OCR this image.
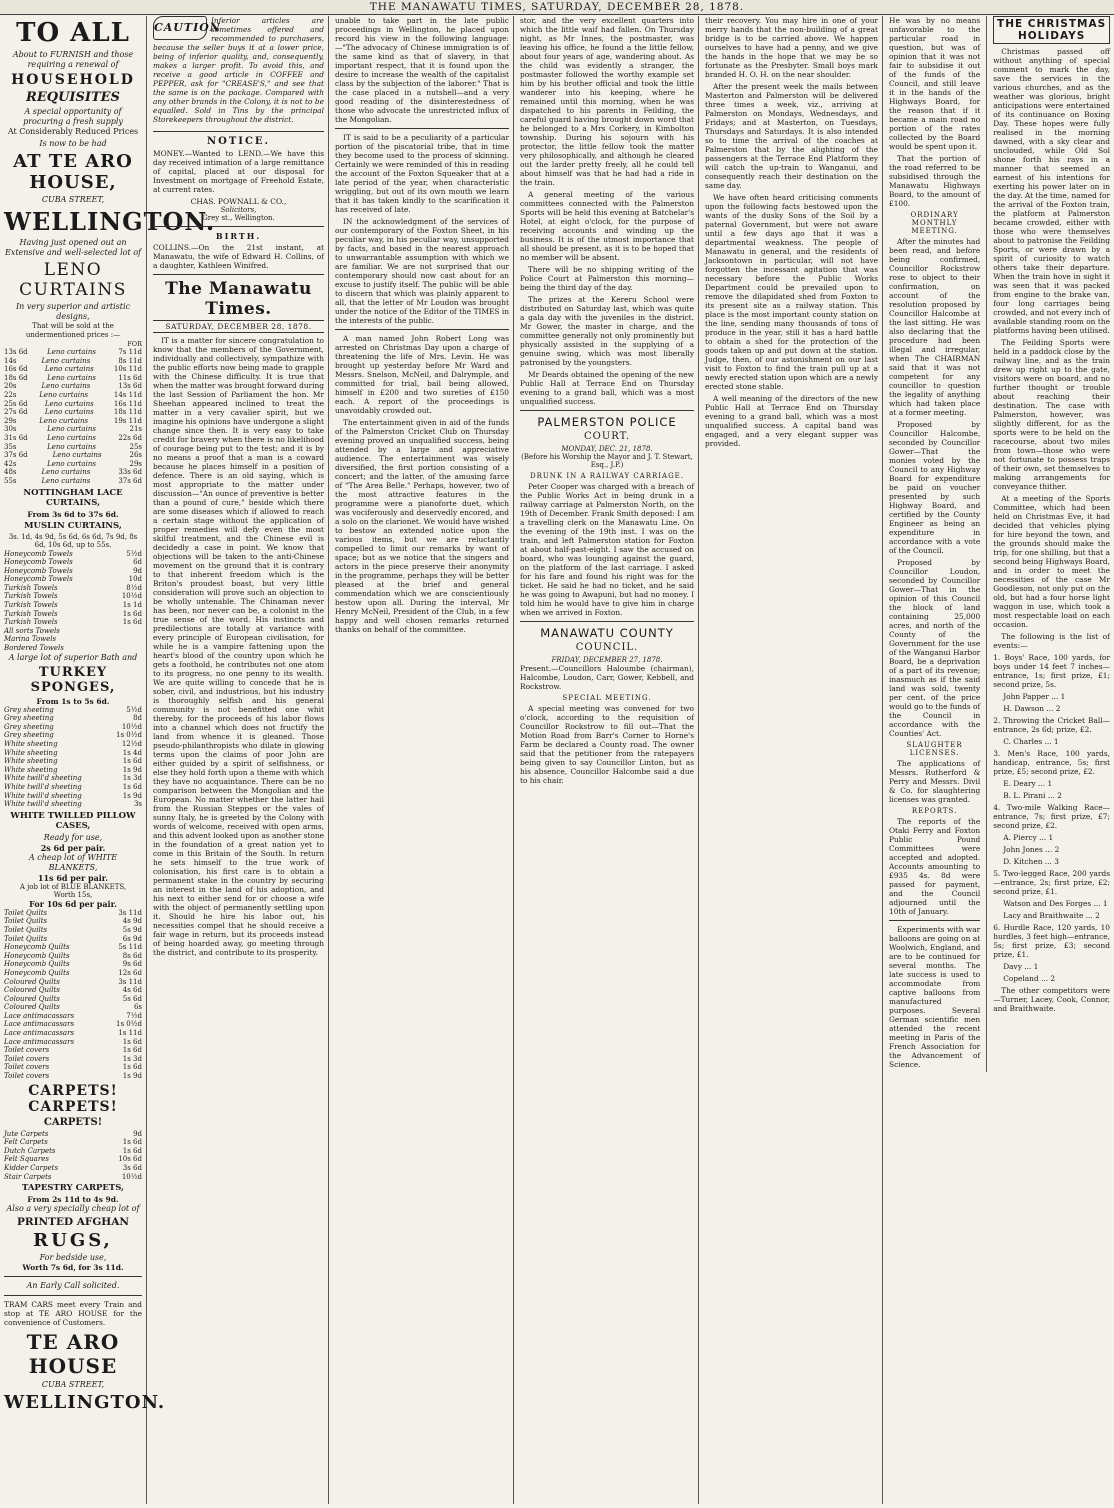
THE MANAWATU TIMES, SATURDAY, DECEMBER 28, 1878.
TO ALL
About to FURNISH and those requiring a renewal of
HOUSEHOLD
REQUISITES
A special opportunity of procuring a fresh supply
At Considerably Reduced Prices
Is now to be had
AT TE ARO HOUSE,
CUBA STREET,
WELLINGTON.
Having just opened out an Extensive and well-selected lot of
LENO CURTAINS
In very superior and artistic designs,
That will be sold at the undermentioned prices :—
FOR
13s 6d	Leno curtains	7s 11d
14s	Leno curtains	8s 11d
16s 6d Leno curtains	10s 11d
18s 6d	Leno curtains	11s 6d
20s	Leno curtains	13s 6d
22s	Leno curtains	14s 11d
25s 6d Leno curtains	16s 11d
27s 6d Leno curtains	18s 11d
29s	Leno curtains	19s 11d
30s	Leno curtains	21s
31s 6d	Leno curtains	22s 6d
35s	Leno curtains	25s
37s 6d	Leno curtains	26s
42s	Leno curtains	29s
48s	Leno curtains	33s 6d
55s	Leno curtains	37s 6d
NOTTINGHAM LACE CURTAINS,
From 3s 6d to 37s 6d.
MUSLIN CURTAINS,
3s. 1d, 4s 9d, 5s 6d, 6s 6d, 7s 9d, 8s 6d, 10s 6d, up to 55s.
Honeycomb Towels	5½d
Honeycomb Towels	6d
Honeycomb Towels	9d
Honeycomb Towels	10d
Turkish Towels	8½d
Turkish Towels	10½d
Turkish Towels	1s 1d
Turkish Towels	1s 6d
Turkish Towels	1s 6d
All sorts Towels
Marina Towels
Bordered Towels
A large lot of superior Bath and
TURKEY SPONGES,
From 1s to 5s 6d.
Grey sheeting	5½d
Grey sheeting	8d
Grey sheeting	10½d
Grey sheeting	1s 0½d
White sheeting	12½d
White sheeting	1s 4d
White sheeting	1s 6d
White sheeting	1s 9d
White twill'd sheeting	1s 3d
White twill'd sheeting	1s 6d
White twill'd sheeting	1s 9d
White twill'd sheeting	3s
WHITE TWILLED PILLOW CASES,
Ready for use,
2s 6d per pair.
A cheap lot of WHITE BLANKETS,
11s 6d per pair.
A job lot of BLUE BLANKETS,
Worth 15s,
For 10s 6d per pair.
Toilet Quilts	3s 11d
Toilet Quilts	4s 9d
Toilet Quilts	5s 9d
Toilet Quilts	6s 9d
Honeycomb Quilts	5s 11d
Honeycomb Quilts	8s 6d
Honeycomb Quilts	9s 6d
Honeycomb Quilts	12s 6d
Coloured Quilts	3s 11d
Coloured Quilts	4s 6d
Coloured Quilts	5s 6d
Coloured Quilts	6s
Lace antimacassars	7½d
Lace antimacassars	1s 0½d
Lace antimacassars	1s 11d
Lace antimacassars	1s 6d
Toilet covers	1s 6d
Toilet covers	1s 3d
Toilet covers	1s 6d
Toilet covers	1s 9d
CARPETS! CARPETS!
CARPETS!
Jute Carpets	9d
Felt Carpets	1s 6d
Dutch Carpets	1s 6d
Felt Squares	10s 6d
Kidder Carpets	3s 6d
Stair Carpets	10½d
TAPESTRY CARPETS,
From 2s 11d to 4s 9d.
Also a very specially cheap lot of
PRINTED AFGHAN
RUGS,
For bedside use,
Worth 7s 6d, for 3s 11d.
An Early Call solicited.
TRAM CARS meet every Train and stop at TE ARO HOUSE for the convenience of Customers.
TE ARO HOUSE
CUBA STREET,
WELLINGTON.
CAUTION
Inferior articles are sometimes offered and recommended to purchasers, because the seller buys it at a lower price, being of inferior quality, and, consequently, makes a larger profit. To avoid this, and receive a good article in COFFEE and PEPPER, ask for "CREASE'S," and see that the same is on the package. Compared with any other brands in the Colony, it is not to be equalled. Sold in Tins by the principal Storekeepers throughout the district.
NOTICE.
MONEY.—Wanted to LEND.—We have this day received intimation of a large remittance of capital, placed at our disposal for Investment on mortgage of Freehold Estate, at current rates.
CHAS. POWNALL & CO.,
Solicitors,
Grey st., Wellington.
BIRTH.
COLLINS.—On the 21st instant, at Manawatu, the wife of Edward H. Collins, of a daughter, Kathleen Winifred.
The Manawatu Times.
SATURDAY, DECEMBER 28, 1878.
IT is a matter for sincere congratulation to know that the members of the Government, individually and collectively, sympathize with the public efforts now being made to grapple with the Chinese difficulty. It is true that when the matter was brought forward during the last Session of Parliament the hon. Mr Sheehan appeared inclined to treat the matter in a very cavalier spirit, but we imagine his opinions have undergone a slight change since then. It is very easy to take credit for bravery when there is no likelihood of courage being put to the test; and it is by no means a proof that a man is a coward because he places himself in a position of defence. There is an old saying, which is most appropriate to the matter under discussion—"An ounce of preventive is better than a pound of cure," beside which there are some diseases which if allowed to reach a certain stage without the application of proper remedies will defy even the most skilful treatment, and the Chinese evil is decidedly a case in point. We know that objections will be taken to the anti-Chinese movement on the ground that it is contrary to that inherent freedom which is the Briton's proudest boast, but very little consideration will prove such an objection to be wholly untenable. The Chinaman never has been, nor never can be, a colonist in the true sense of the word. His instincts and predilections are totally at variance with every principle of European civilisation, for while he is a vampire fattening upon the heart's blood of the country upon which he gets a foothold, he contributes not one atom to its progress, no one penny to its wealth. We are quite willing to concede that he is sober, civil, and industrious, but his industry is thoroughly selfish and his general community is not benefitted one whit thereby, for the proceeds of his labor flows into a channel which does not fructify the land from whence it is gleaned. Those pseudo-philanthropists who dilate in glowing terms upon the claims of poor John are either guided by a spirit of selfishness, or else they hold forth upon a theme with which they have no acquaintance. There can be no comparison between the Mongolian and the European. No matter whether the latter hail from the Russian Steppes or the vales of sunny Italy, he is greeted by the Colony with words of welcome, received with open arms, and this advent looked upon as another stone in the foundation of a great nation yet to come in this Britain of the South. In return he sets himself to the true work of colonisation, his first care is to obtain a permanent stake in the country by securing an interest in the land of his adoption, and his next to either send for or choose a wife with the object of permanently settling upon it. Should he hire his labor out, his necessities compel that he should receive a fair wage in return, but its proceeds instead of being hoarded away, go meeting through the district, and contribute to its prosperity.
unable to take part in the late public proceedings in Wellington, he placed upon record his view in the following language:—"The advocacy of Chinese immigration is of the same kind as that of slavery, in that important respect, that it is found upon the desire to increase the wealth of the capitalist class by the subjection of the laborer." That is the case placed in a nutshell—and a very good reading of the disinterestedness of those who advocate the unrestricted influx of the Mongolian.
IT is said to be a peculiarity of a particular portion of the piscatorial tribe, that in time they become used to the process of skinning. Certainly we were reminded of this in reading the account of the Foxton Squeaker that at a late period of the year, when characteristic wriggling, but out of its own mouth we learn that it has taken kindly to the scarification it has received of late.
IN the acknowledgment of the services of our contemporary of the Foxton Sheet, in his peculiar way, in his peculiar way, unsupported by facts, and based in the nearest approach to unwarrantable assumption with which we are familiar. We are not surprised that our contemporary should now cast about for an excuse to justify itself. The public will be able to discern that which was plainly apparent to all, that the letter of Mr Loudon was brought under the notice of the Editor of the TIMES in the interests of the public.
A man named John Robert Long was arrested on Christmas Day upon a charge of threatening the life of Mrs. Levin. He was brought up yesterday before Mr Ward and Messrs. Snelson, McNeil, and Dalrymple, and committed for trial, bail being allowed, himself in £200 and two sureties of £150 each. A report of the proceedings is unavoidably crowded out.
The entertainment given in aid of the funds of the Palmerston Cricket Club on Thursday evening proved an unqualified success, being attended by a large and appreciative audience. The entertainment was wisely diversified, the first portion consisting of a concert; and the latter, of the amusing farce of "The Area Belle." Perhaps, however, two of the most attractive features in the programme were a pianoforte duet, which was vociferously and deservedly encored, and a solo on the clarionet. We would have wished to bestow an extended notice upon the various items, but we are reluctantly compelled to limit our remarks by want of space; but as we notice that the singers and actors in the piece preserve their anonymity in the programme, perhaps they will be better pleased at the brief and general commendation which we are conscientiously bestow upon all. During the interval, Mr Henry McNeil, President of the Club, in a few happy and well chosen remarks returned thanks on behalf of the committee.
stor, and the very excellent quarters into which the little waif had fallen. On Thursday night, as Mr Innes, the postmaster, was leaving his office, he found a the little fellow, about four years of age, wandering about. As the child was evidently a stranger, the postmaster followed the worthy example set him by his brother official and took the little wanderer into his keeping, where he remained until this morning, when he was dispatched to his parents in Feilding, the careful guard having brought down word that he belonged to a Mrs Corkery, in Kimbolton township. During his sojourn with his protector, the little fellow took the matter very philosophically, and although he cleared out the larder pretty freely, all he could tell about himself was that he had had a ride in the train.
A general meeting of the various committees connected with the Palmerston Sports will be held this evening at Batchelar's Hotel, at eight o'clock, for the purpose of receiving accounts and winding up the business. It is of the utmost importance that all should be present, as it is to be hoped that no member will be absent.
There will be no shipping writing of the Police Court at Palmerston this morning—being the third day of the day.
The prizes at the Kereru School were distributed on Saturday last, which was quite a gala day with the juveniles in the district. Mr Gower, the master in charge, and the committee generally not only prominently but physically assisted in the supplying of a genuine swing, which was most liberally patronised by the youngsters.
Mr Deards obtained the opening of the new Public Hall at Terrace End on Thursday evening to a grand ball, which was a most unqualified success.
PALMERSTON POLICE
COURT.
MONDAY, DEC. 21, 1878.
(Before his Worship the Mayor and J. T. Stewart, Esq., J.P.)
DRUNK IN A RAILWAY CARRIAGE.
Peter Cooper was charged with a breach of the Public Works Act in being drunk in a railway carriage at Palmerston North, on the 19th of December. Frank Smith deposed: I am a travelling clerk on the Manawatu Line. On the evening of the 19th inst. I was on the train, and left Palmerston station for Foxton at about half-past-eight. I saw the accused on board, who was lounging against the guard, on the platform of the last carriage. I asked for his fare and found his right was for the ticket. He said he had no ticket, and he said he was going to Awapuni, but had no money. I told him he would have to give him in charge when we arrived in Foxton.
MANAWATU COUNTY
COUNCIL.
FRIDAY, DECEMBER 27, 1878.
Present.—Councillors Haloumbe (chairman), Halcombe, Loudon, Carr, Gower, Kebbell, and Rockstrow.
SPECIAL MEETING.
A special meeting was convened for two o'clock, according to the requisition of Councillor Rockstrow to fill out—That the Motion Road from Barr's Corner to Horne's Farm be declared a County road. The owner said that the petitioner from the ratepayers being given to say Councillor Linton, but as his absence, Councillor Halcombe said a due to his chair.
their recovery. You may hire in one of your merry hands that the non-building of a great bridge is to be carried above. We happen ourselves to have had a penny, and we give the hands in the hope that we may be so fortunate as the Presbyter. Small boys mark branded H. O. H. on the near shoulder.
After the present week the mails between Masterton and Palmerston will be delivered three times a week, viz., arriving at Palmerston on Mondays, Wednesdays, and Fridays; and at Masterton, on Tuesdays, Thursdays and Saturdays. It is also intended so to time the arrival of the coaches at Palmerston that by the alighting of the passengers at the Terrace End Platform they will catch the up-train to Wanganui, and consequently reach their destination on the same day.
We have often heard criticising comments upon the following facts bestowed upon the wants of the dusky Sons of the Soil by a paternal Government, but were not aware until a few days ago that it was a departmental weakness. The people of Manawatu in general, and the residents of Jacksontown in particular, will not have forgotten the incessant agitation that was necessary before the Public Works Department could be prevailed upon to remove the dilapidated shed from Foxton to its present site as a railway station. This place is the most important county station on the line, sending many thousands of tons of produce in the year, still it has a hard battle to obtain a shed for the protection of the goods taken up and put down at the station. Judge, then, of our astonishment on our last visit to Foxton to find the train pull up at a newly erected station upon which are a newly erected stone stable.
A well meaning of the directors of the new Public Hall at Terrace End on Thursday evening to a grand ball, which was a most unqualified success. A capital band was engaged, and a very elegant supper was provided.
He was by no means unfavorable to the particular road in question, but was of opinion that it was not fair to subsidise it out of the funds of the Council, and still leave it in the hands of the Highways Board, for the reason that if it became a main road no portion of the rates collected by the Board would be spent upon it.
That the portion of the road referred to be subsidised through the Manawatu Highways Board, to the amount of £100.
ORDINARY MONTHLY MEETING.
After the minutes had been read, and before being confirmed, Councillor Rockstrow rose to object to their confirmation, on account of the resolution proposed by Councillor Halcombe at the last sitting. He was also declaring that the procedure had been illegal and irregular, when The CHAIRMAN said that it was not competent for any councillor to question the legality of anything which had taken place at a former meeting.
Proposed by Councillor Halcombe, seconded by Councillor Gower—That the monies voted by the Council to any Highway Board for expenditure be paid on voucher presented by such Highway Board, and certified by the County Engineer as being an expenditure in accordance with a vote of the Council.
Proposed by Councillor Loudon, seconded by Councillor Gower—That in the opinion of this Council the block of land containing 25,000 acres, and north of the County of the Government for the use of the Wanganui Harbor Board, be a deprivation of a part of its revenue; inasmuch as if the said land was sold, twenty per cent. of the price would go to the funds of the Council in accordance with the Counties' Act.
SLAUGHTER LICENSES.
The applications of Messrs. Rutherford & Perry and Messrs. Divil & Co. for slaughtering licenses was granted.
REPORTS.
The reports of the Otaki Ferry and Foxton Public Pound Committees were accepted and adopted. Accounts amounting to £935 4s. 8d were passed for payment, and the Council adjourned until the 10th of January.
Experiments with war balloons are going on at Woolwich, England, and are to be continued for several months. The late success is used to accommodate from captive balloons from manufactured purposes. Several German scientific men attended the recent meeting in Paris of the French Association for the Advancement of Science.
THE CHRISTMAS HOLIDAYS
Christmas passed off without anything of special comment to mark the day, save the services in the various churches, and as the weather was glorious, bright anticipations were entertained of its continuance on Boxing Day. These hopes were fully realised in the morning dawned, with a sky clear and unclouded, while Old Sol shone forth his rays in a manner that seemed an earnest of his intentions for exerting his power later on in the day. At the time, named for the arrival of the Foxton train, the platform at Palmerston became crowded, either with those who were themselves about to patronise the Feilding Sports, or were drawn by a spirit of curiosity to watch others take their departure. When the train hove in sight it was seen that it was packed from engine to the brake van, four long carriages being crowded, and not every inch of available standing room on the platforms having been utilised.
The Feilding Sports were held in a paddock close by the railway line, and as the train drew up right up to the gate, visitors were on board, and no further thought or trouble about reaching their destination. The case with Palmerston, however, was slightly different, for as the sports were to be held on the racecourse, about two miles from town—those who were not fortunate to possess traps of their own, set themselves to making arrangements for conveyance thither.
At a meeting of the Sports Committee, which had been held on Christmas Eve, it had decided that vehicles plying for hire beyond the town, and the grounds should make the trip, for one shilling, but that a second being Highways Board, and in order to meet the necessities of the case Mr Goodleson, not only put on the old, but had a four horse light waggon in use, which took a most respectable load on each occasion.
The following is the list of events:—
1. Boys' Race, 100 yards, for boys under 14 feet 7 inches—entrance, 1s; first prize, £1; second prize, 5s.
John Papper ... 1
H. Dawson ... 2
2. Throwing the Cricket Ball—entrance, 2s 6d; prize, £2.
C. Charles ... 1
3. Men's Race, 100 yards, handicap, entrance, 5s; first prize, £5; second prize, £2.
E. Deary ... 1
B. L. Pirani ... 2
4. Two-mile Walking Race—entrance, 7s; first prize, £7; second prize, £2.
A. Piercy ... 1
John Jones ... 2
D. Kitchen ... 3
5. Two-legged Race, 200 yards—entrance, 2s; first prize, £2; second prize, £1.
Watson and Des Forges ... 1
Lacy and Braithwaite ... 2
6. Hurdle Race, 120 yards, 10 hurdles, 3 feet high—entrance, 5s; first prize, £3; second prize, £1.
Davy ... 1
Copeland ... 2
The other competitors were—Turner, Lacey, Cook, Connor, and Braithwaite.
